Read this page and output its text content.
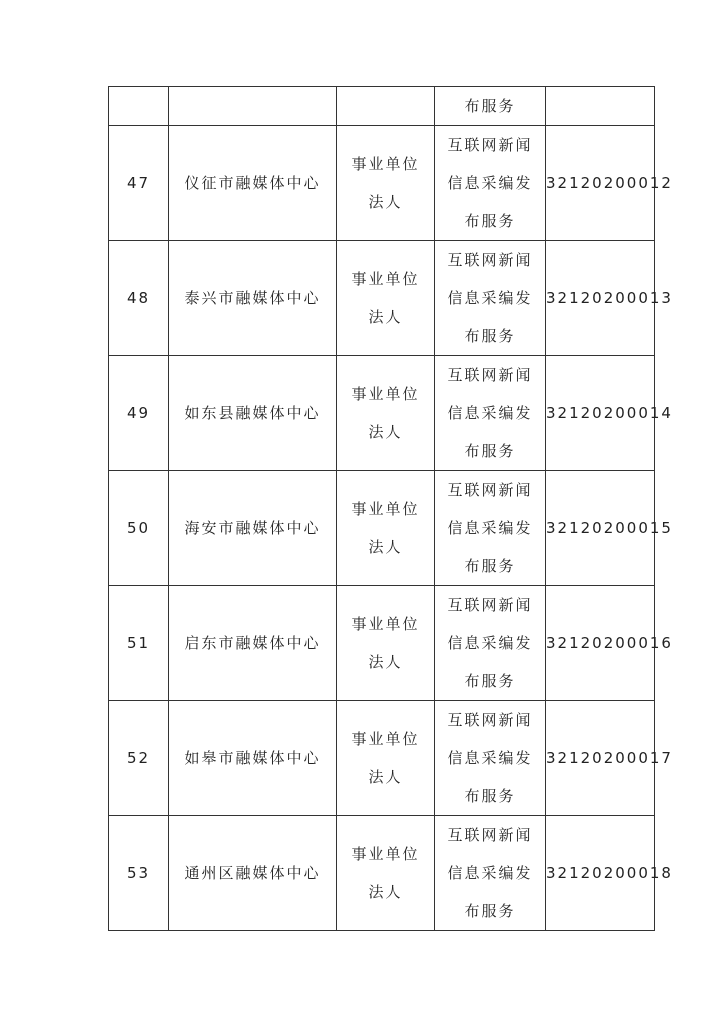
			布服务	
47	仪征市融媒体中心	事业单位法人	互联网新闻信息采编发布服务	32120200012
48	泰兴市融媒体中心	事业单位法人	互联网新闻信息采编发布服务	32120200013
49	如东县融媒体中心	事业单位法人	互联网新闻信息采编发布服务	32120200014
50	海安市融媒体中心	事业单位法人	互联网新闻信息采编发布服务	32120200015
51	启东市融媒体中心	事业单位法人	互联网新闻信息采编发布服务	32120200016
52	如皋市融媒体中心	事业单位法人	互联网新闻信息采编发布服务	32120200017
53	通州区融媒体中心	事业单位法人	互联网新闻信息采编发布服务	32120200018
